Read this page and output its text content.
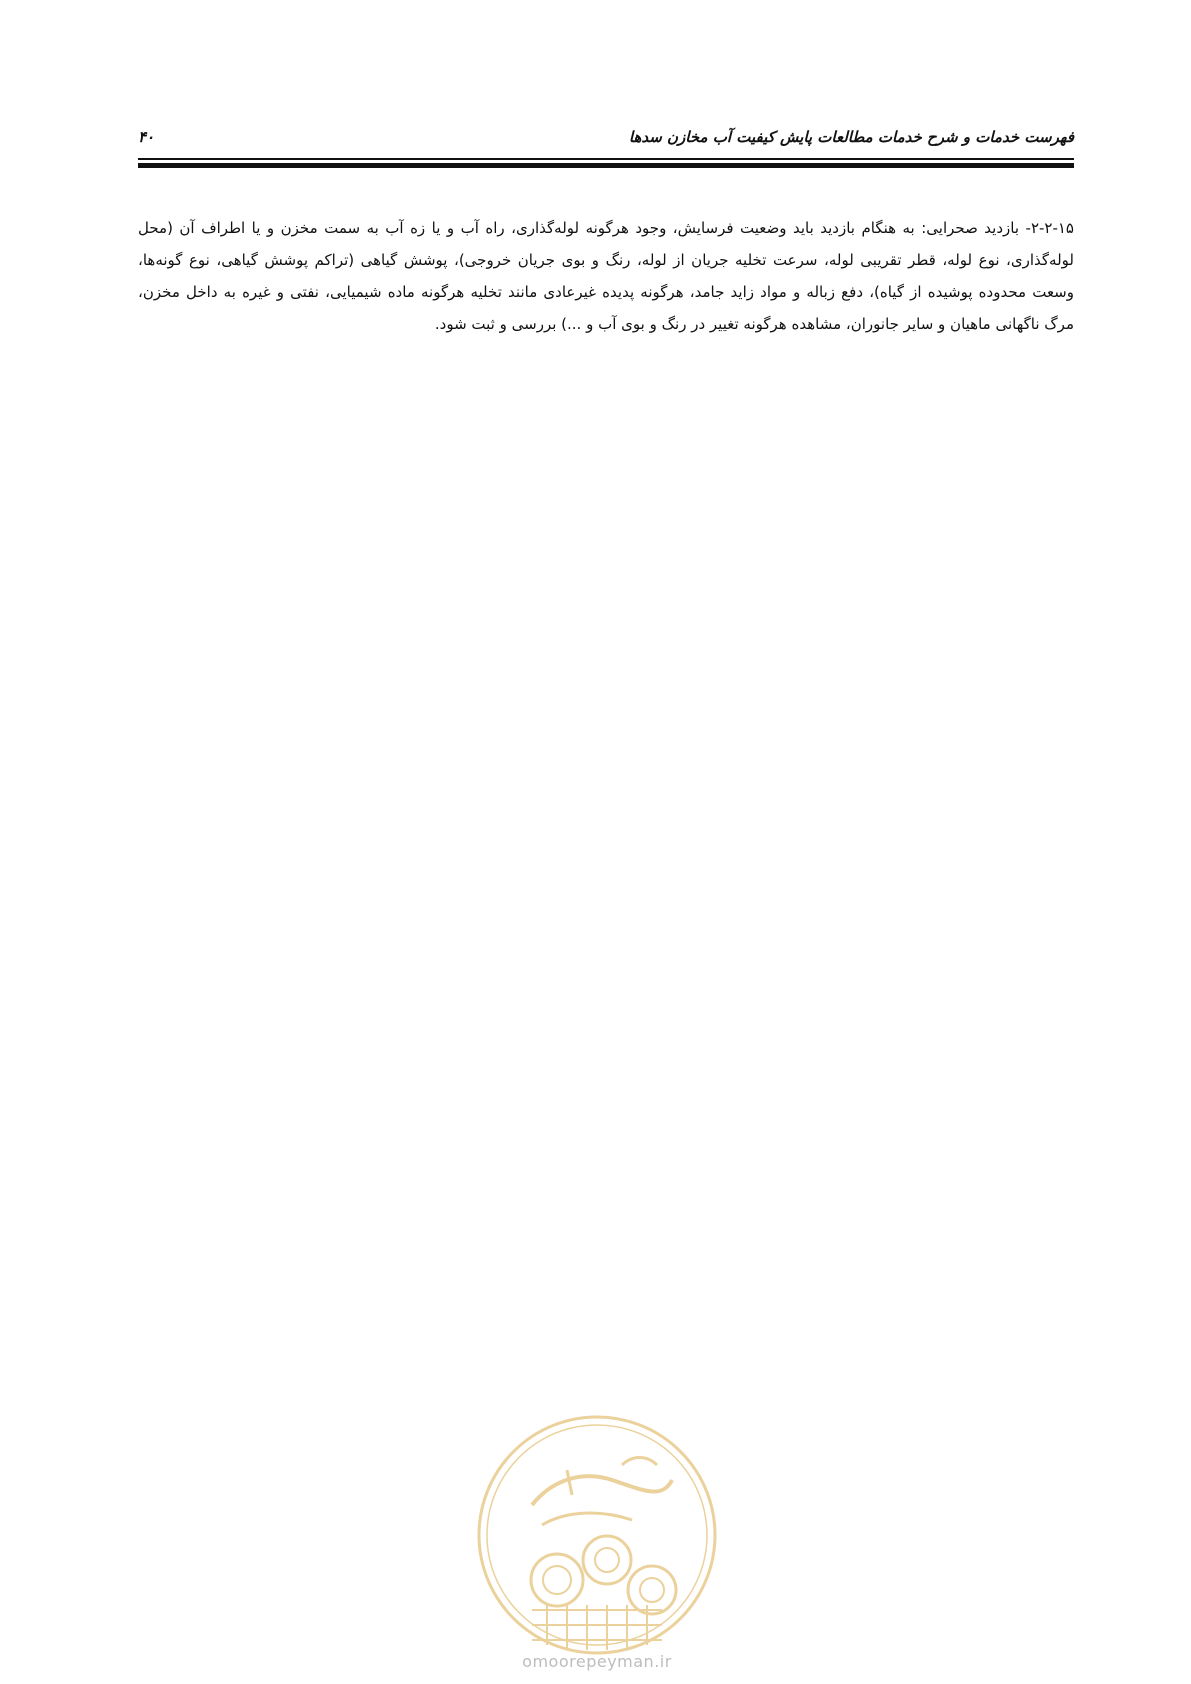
فهرست خدمات و شرح خدمات مطالعات پایش کیفیت آب مخازن سدها
۴۰
۲-۲-۱۵- بازدید صحرایی: به هنگام بازدید باید وضعیت فرسایش، وجود هرگونه لوله‌گذاری، راه آب و یا زه آب به سمت مخزن و یا اطراف آن (محل لوله‌گذاری، نوع لوله، قطر تقریبی لوله، سرعت تخلیه جریان از لوله، رنگ و بوی جریان خروجی)، پوشش گیاهی (تراکم پوشش گیاهی، نوع گونه‌ها، وسعت محدوده پوشیده از گیاه)، دفع زباله و مواد زاید جامد، هرگونه پدیده غیرعادی مانند تخلیه هرگونه ماده شیمیایی، نفتی و غیره به داخل مخزن، مرگ ناگهانی ماهیان و سایر جانوران، مشاهده هرگونه تغییر در رنگ و بوی آب و ...) بررسی و ثبت شود.
omoorepeyman.ir
